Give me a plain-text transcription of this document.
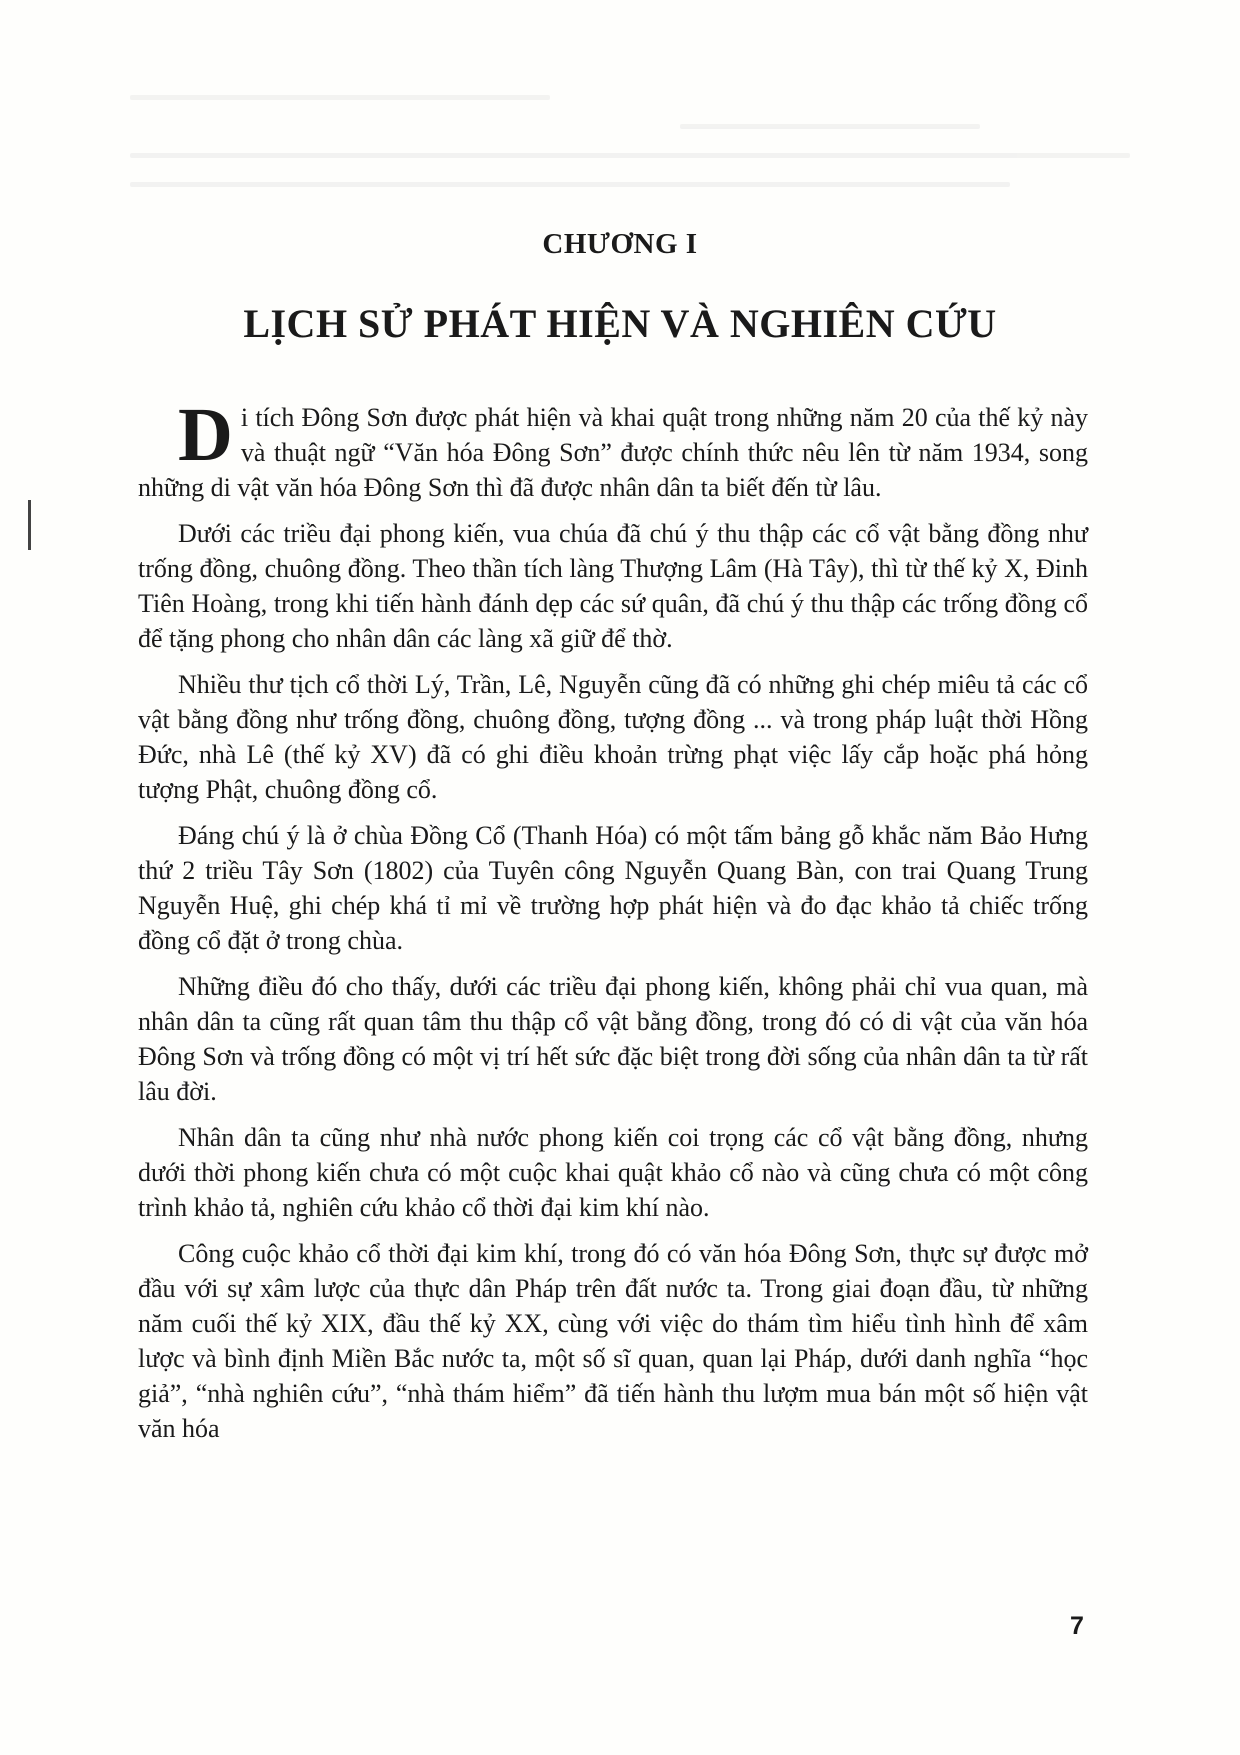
CHƯƠNG I
LỊCH SỬ PHÁT HIỆN VÀ NGHIÊN CỨU

Di tích Đông Sơn được phát hiện và khai quật trong những năm 20 của thế kỷ này và thuật ngữ “Văn hóa Đông Sơn” được chính thức nêu lên từ năm 1934, song những di vật văn hóa Đông Sơn thì đã được nhân dân ta biết đến từ lâu.

Dưới các triều đại phong kiến, vua chúa đã chú ý thu thập các cổ vật bằng đồng như trống đồng, chuông đồng. Theo thần tích làng Thượng Lâm (Hà Tây), thì từ thế kỷ X, Đinh Tiên Hoàng, trong khi tiến hành đánh dẹp các sứ quân, đã chú ý thu thập các trống đồng cổ để tặng phong cho nhân dân các làng xã giữ để thờ.

Nhiều thư tịch cổ thời Lý, Trần, Lê, Nguyễn cũng đã có những ghi chép miêu tả các cổ vật bằng đồng như trống đồng, chuông đồng, tượng đồng ... và trong pháp luật thời Hồng Đức, nhà Lê (thế kỷ XV) đã có ghi điều khoản trừng phạt việc lấy cắp hoặc phá hỏng tượng Phật, chuông đồng cổ.

Đáng chú ý là ở chùa Đồng Cổ (Thanh Hóa) có một tấm bảng gỗ khắc năm Bảo Hưng thứ 2 triều Tây Sơn (1802) của Tuyên công Nguyễn Quang Bàn, con trai Quang Trung Nguyễn Huệ, ghi chép khá tỉ mỉ về trường hợp phát hiện và đo đạc khảo tả chiếc trống đồng cổ đặt ở trong chùa.

Những điều đó cho thấy, dưới các triều đại phong kiến, không phải chỉ vua quan, mà nhân dân ta cũng rất quan tâm thu thập cổ vật bằng đồng, trong đó có di vật của văn hóa Đông Sơn và trống đồng có một vị trí hết sức đặc biệt trong đời sống của nhân dân ta từ rất lâu đời.

Nhân dân ta cũng như nhà nước phong kiến coi trọng các cổ vật bằng đồng, nhưng dưới thời phong kiến chưa có một cuộc khai quật khảo cổ nào và cũng chưa có một công trình khảo tả, nghiên cứu khảo cổ thời đại kim khí nào.

Công cuộc khảo cổ thời đại kim khí, trong đó có văn hóa Đông Sơn, thực sự được mở đầu với sự xâm lược của thực dân Pháp trên đất nước ta. Trong giai đoạn đầu, từ những năm cuối thế kỷ XIX, đầu thế kỷ XX, cùng với việc do thám tìm hiểu tình hình để xâm lược và bình định Miền Bắc nước ta, một số sĩ quan, quan lại Pháp, dưới danh nghĩa “học giả”, “nhà nghiên cứu”, “nhà thám hiểm” đã tiến hành thu lượm mua bán một số hiện vật văn hóa

7
